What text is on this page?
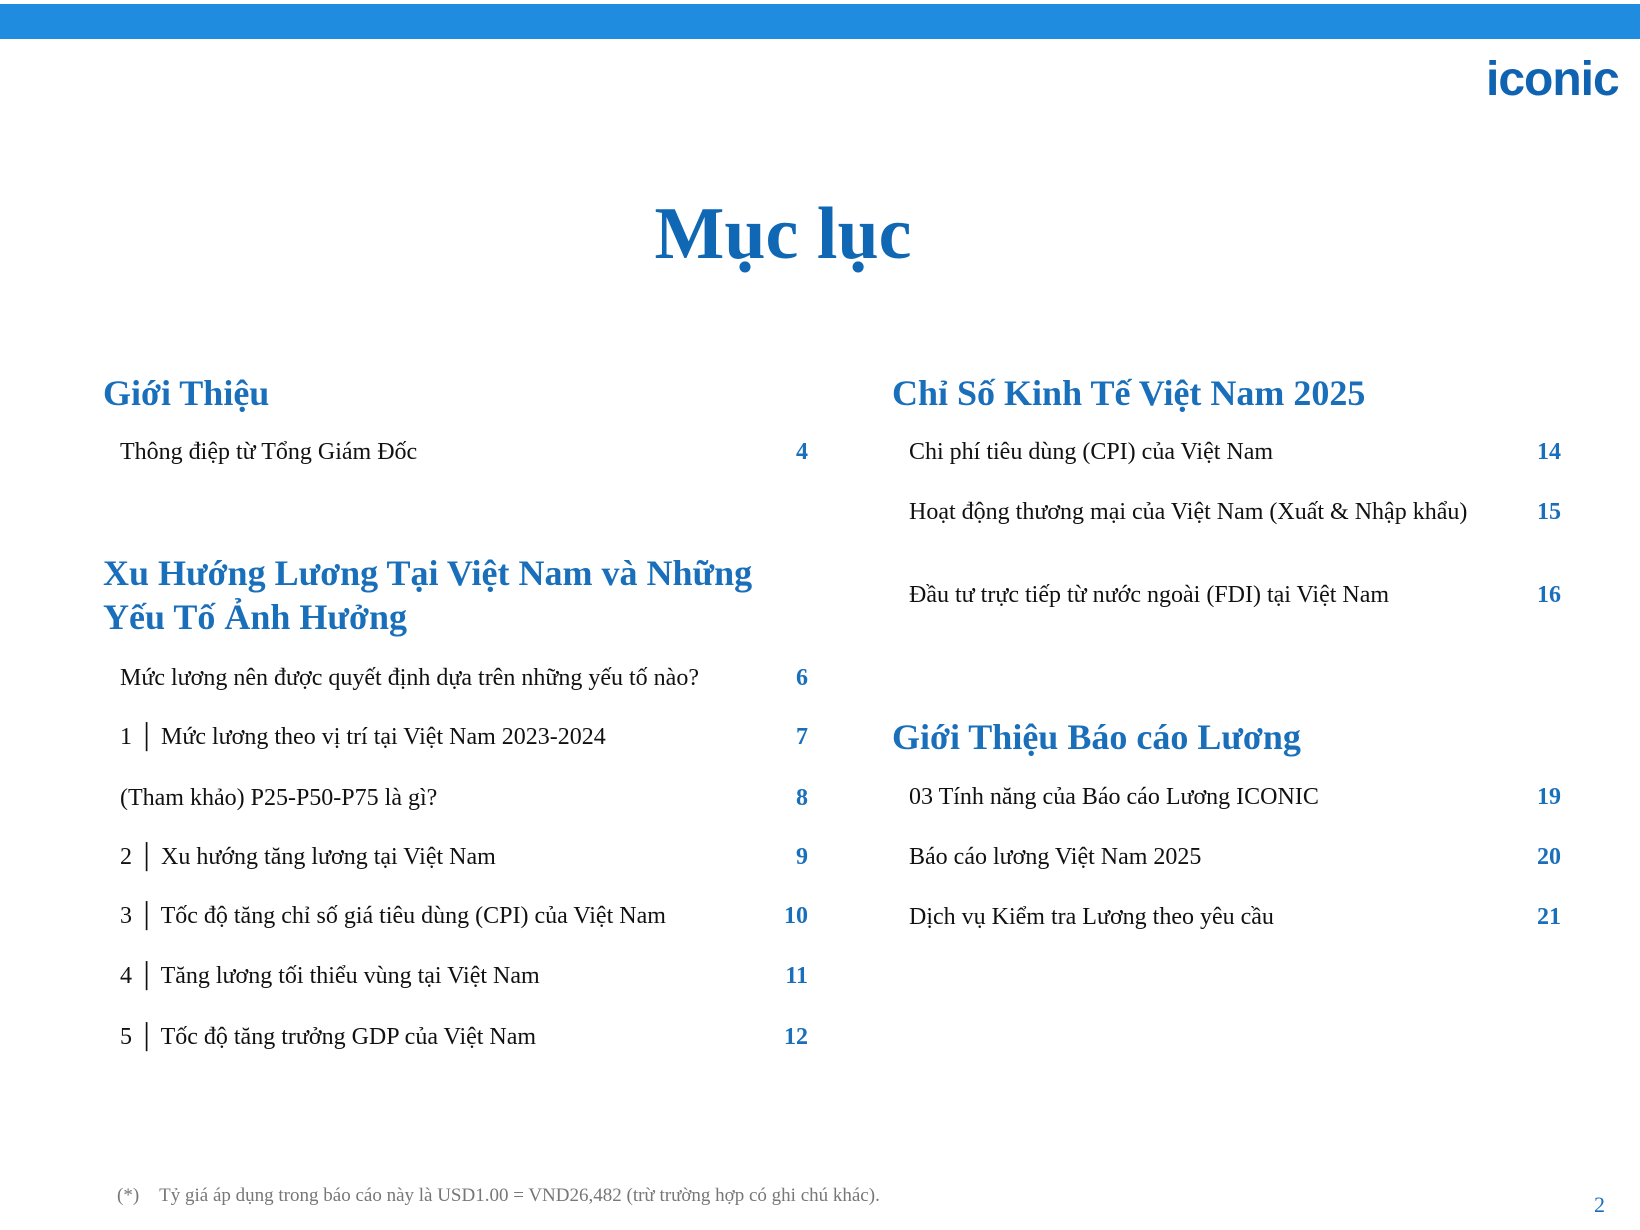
iconic
Mục lục
Giới Thiệu
Thông điệp từ Tổng Giám Đốc	4
Xu Hướng Lương Tại Việt Nam và Những
Yếu Tố Ảnh Hưởng
Mức lương nên được quyết định dựa trên những yếu tố nào?	6
1 │ Mức lương theo vị trí tại Việt Nam 2023-2024	7
(Tham khảo) P25-P50-P75 là gì?	8
2 │ Xu hướng tăng lương tại Việt Nam	9
3 │ Tốc độ tăng chỉ số giá tiêu dùng (CPI) của Việt Nam	10
4 │ Tăng lương tối thiểu vùng tại Việt Nam	11
5 │ Tốc độ tăng trưởng GDP của Việt Nam	12
Chỉ Số Kinh Tế Việt Nam 2025
Chi phí tiêu dùng (CPI) của Việt Nam	14
Hoạt động thương mại của Việt Nam (Xuất & Nhập khẩu)	15
Đầu tư trực tiếp từ nước ngoài (FDI) tại Việt Nam	16
Giới Thiệu Báo cáo Lương
03 Tính năng của Báo cáo Lương ICONIC	19
Báo cáo lương Việt Nam 2025	20
Dịch vụ Kiểm tra Lương theo yêu cầu	21
(*) Tỷ giá áp dụng trong báo cáo này là USD1.00 = VND26,482 (trừ trường hợp có ghi chú khác).	2
